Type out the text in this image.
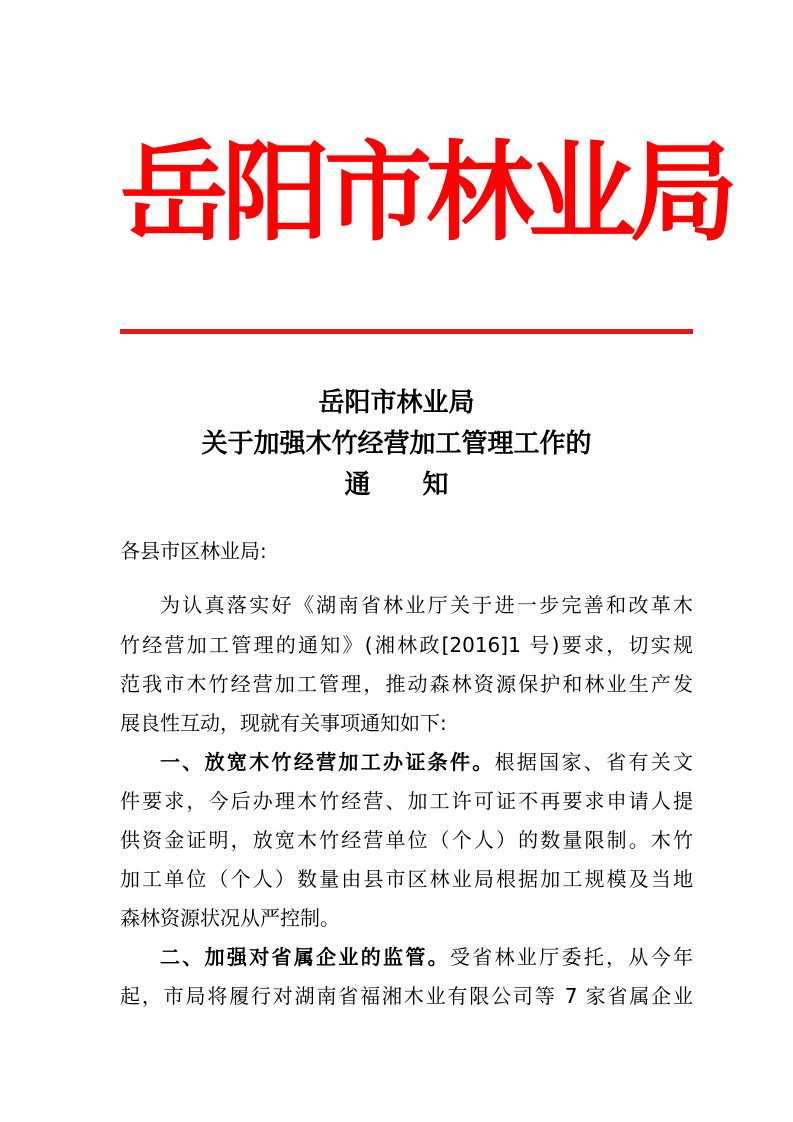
岳阳市林业局
岳阳市林业局
关于加强木竹经营加工管理工作的
通 知
各县市区林业局:
为认真落实好《湖南省林业厅关于进一步完善和改革木
竹经营加工管理的通知》(湘林政[2016]1 号)要求，切实规
范我市木竹经营加工管理，推动森林资源保护和林业生产发
展良性互动，现就有关事项通知如下:
一、放宽木竹经营加工办证条件。根据国家、省有关文
件要求，今后办理木竹经营、加工许可证不再要求申请人提
供资金证明，放宽木竹经营单位（个人）的数量限制。木竹
加工单位（个人）数量由县市区林业局根据加工规模及当地
森林资源状况从严控制。
二、加强对省属企业的监管。受省林业厅委托，从今年
起，市局将履行对湖南省福湘木业有限公司等 7 家省属企业
